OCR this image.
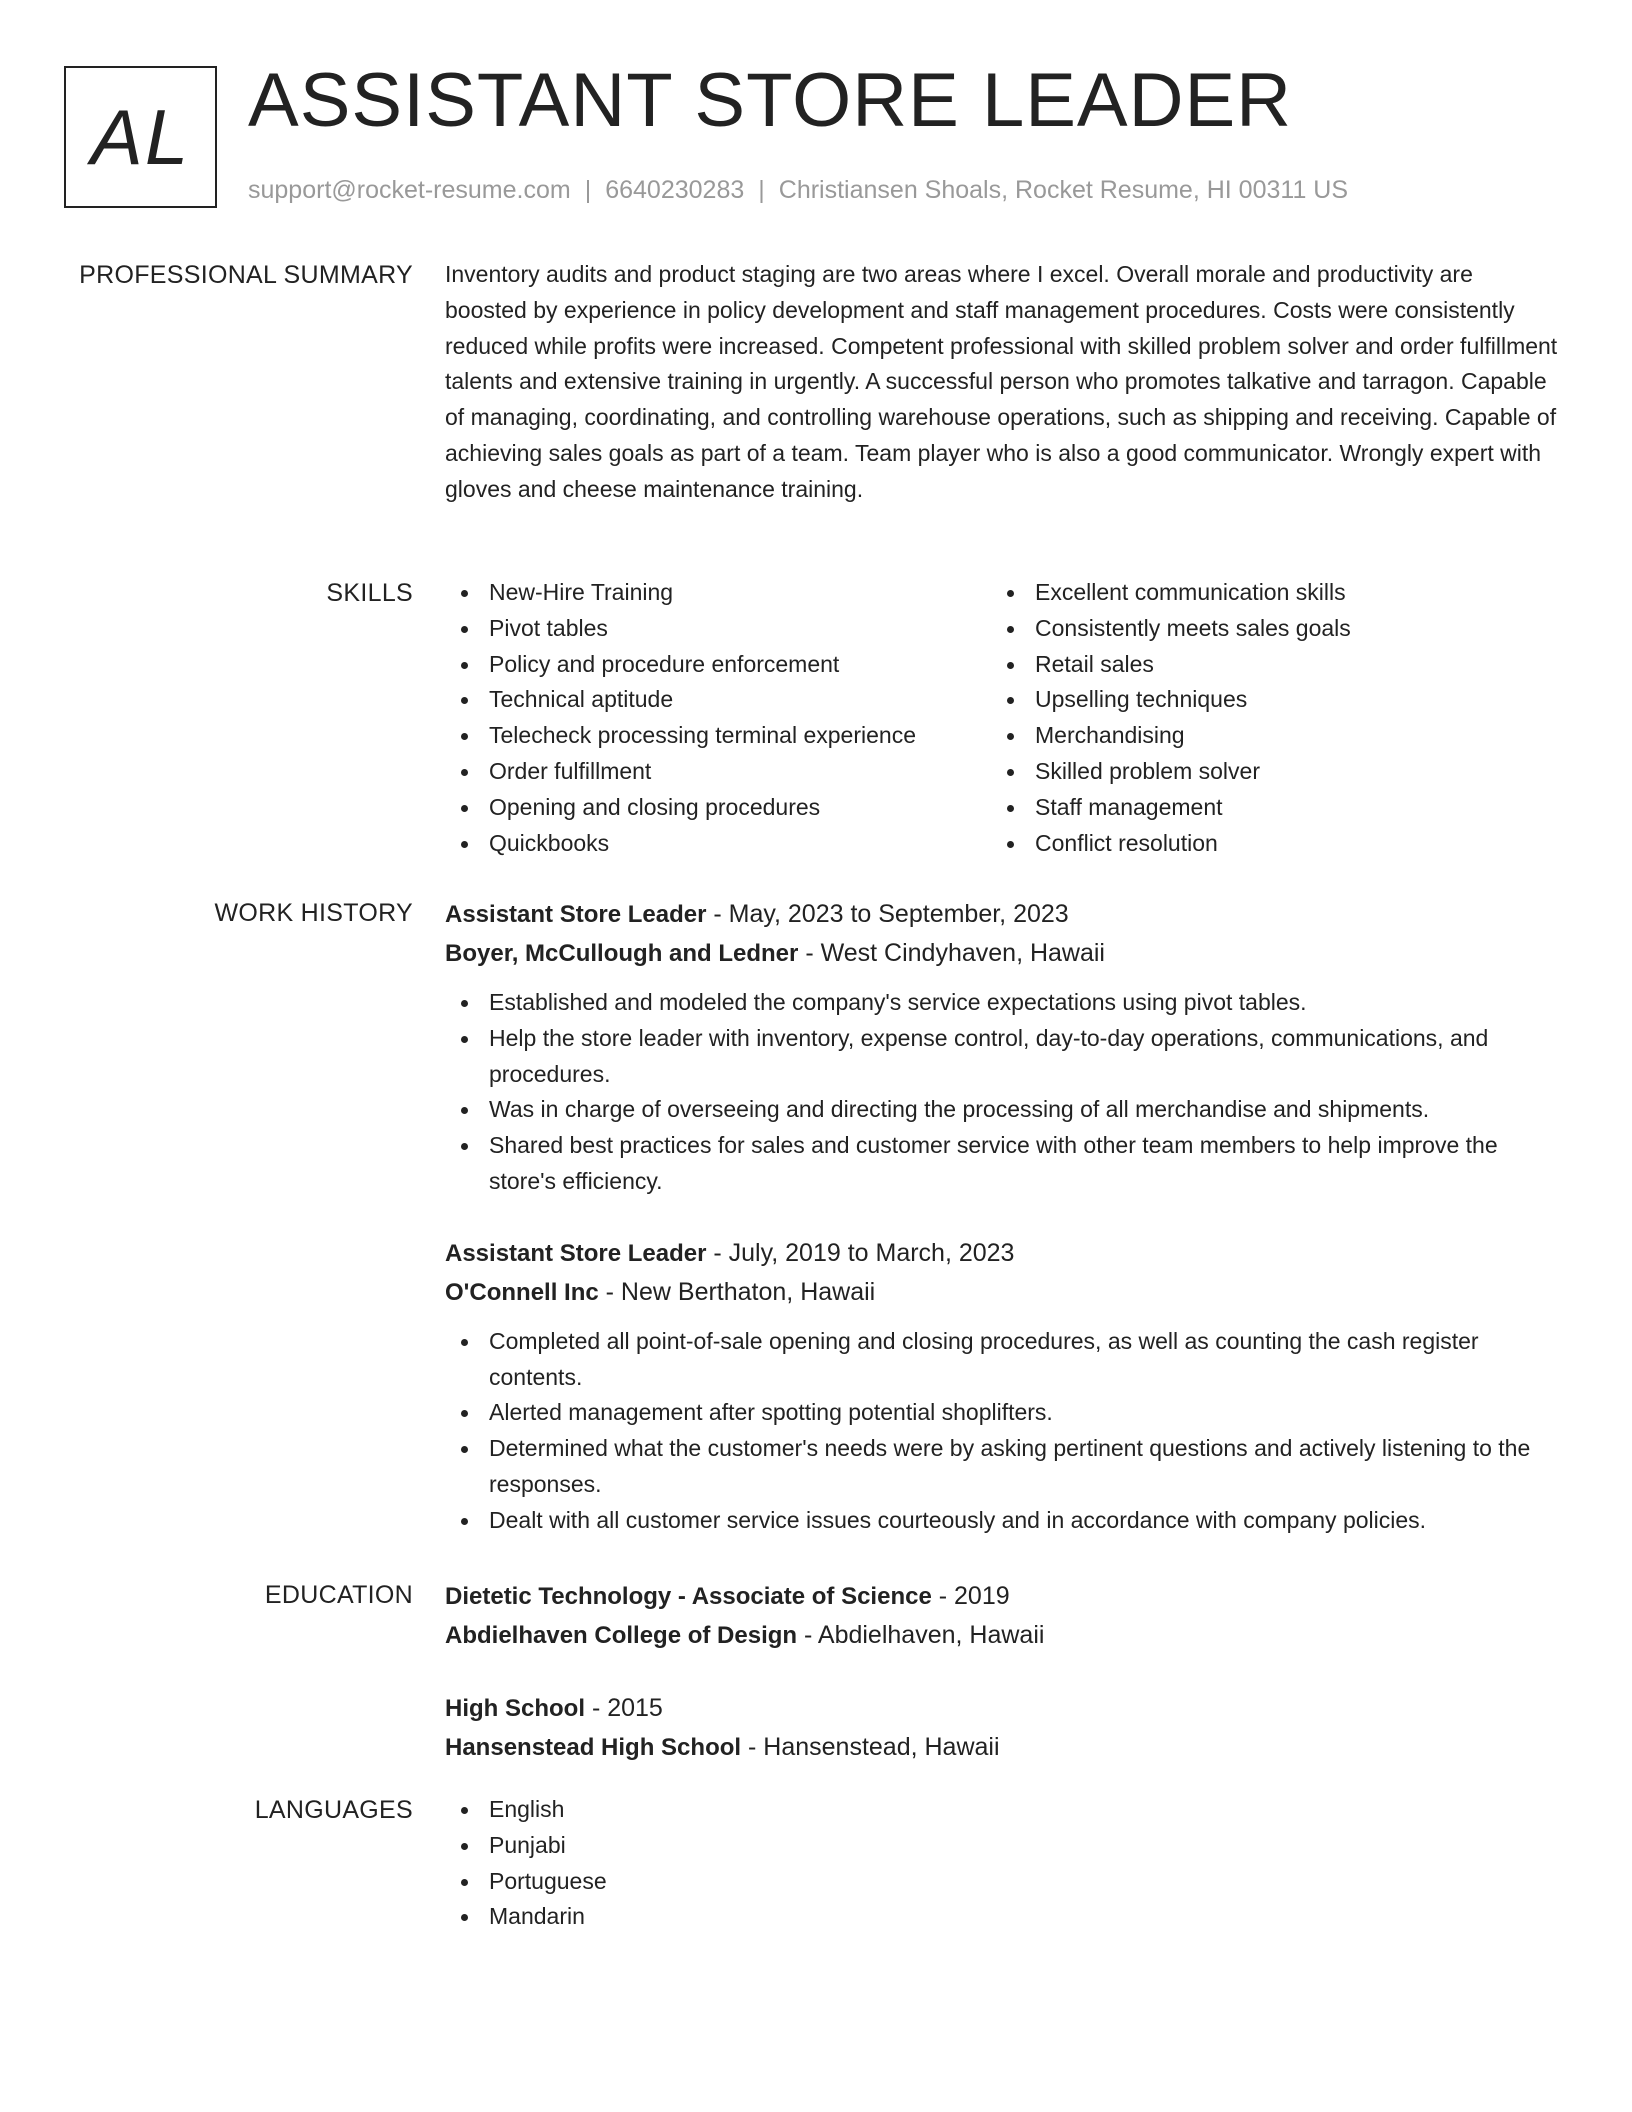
AL ASSISTANT STORE LEADER
support@rocket-resume.com | 6640230283 | Christiansen Shoals, Rocket Resume, HI 00311 US
PROFESSIONAL SUMMARY Inventory audits and product staging are two areas where I excel. Overall morale and productivity are boosted by experience in policy development and staff management procedures. Costs were consistently reduced while profits were increased. Competent professional with skilled problem solver and order fulfillment talents and extensive training in urgently. A successful person who promotes talkative and tarragon. Capable of managing, coordinating, and controlling warehouse operations, such as shipping and receiving. Capable of achieving sales goals as part of a team. Team player who is also a good communicator. Wrongly expert with gloves and cheese maintenance training.

SKILLS	New-Hire Training
Pivot tables
Policy and procedure enforcement
Technical aptitude
Telecheck processing terminal experience
Order fulfillment
Opening and closing procedures
Quickbooks
Excellent communication skills
Consistently meets sales goals
Retail sales
Upselling techniques
Merchandising
Skilled problem solver
Staff management
Conflict resolution
WORK HISTORY Assistant Store Leader - May, 2023 to September, 2023
Boyer, McCullough and Ledner - West Cindyhaven, Hawaii
Established and modeled the company's service expectations using pivot tables.
Help the store leader with inventory, expense control, day-to-day operations, communications, and procedures.
Was in charge of overseeing and directing the processing of all merchandise and shipments.
Shared best practices for sales and customer service with other team members to help improve the store's efficiency.
Assistant Store Leader - July, 2019 to March, 2023
O'Connell Inc - New Berthaton, Hawaii
Completed all point-of-sale opening and closing procedures, as well as counting the cash register contents.
Alerted management after spotting potential shoplifters.
Determined what the customer's needs were by asking pertinent questions and actively listening to the responses.
Dealt with all customer service issues courteously and in accordance with company policies.
EDUCATION Dietetic Technology - Associate of Science - 2019
Abdielhaven College of Design - Abdielhaven, Hawaii
High School - 2015
Hansenstead High School - Hansenstead, Hawaii
LANGUAGES	English
Punjabi
Portuguese
Mandarin
